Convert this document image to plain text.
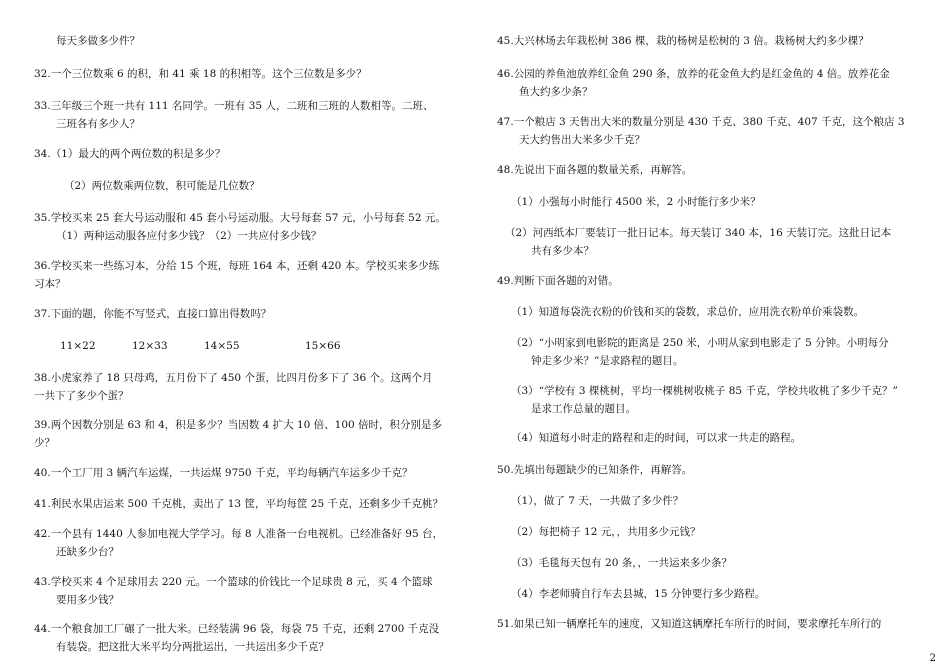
每天多做多少件？

32.一个三位数乘 6 的积，和 41 乘 18 的积相等。这个三位数是多少？

33.三年级三个班一共有 111 名同学。一班有 35 人，二班和三班的人数相等。二班、

三班各有多少人？

34.（1）最大的两个两位数的积是多少？

（2）两位数乘两位数，积可能是几位数？

35.学校买来 25 套大号运动服和 45 套小号运动服。大号每套 57 元，小号每套 52 元。

（1）两种运动服各应付多少钱？（2）一共应付多少钱？

36.学校买来一些练习本，分给 15 个班，每班 164 本，还剩 420 本。学校买来多少练

习本？

37.下面的题，你能不写竖式，直接口算出得数吗？

11×22	12×33	14×55	15×66

38.小虎家养了 18 只母鸡，五月份下了 450 个蛋，比四月份多下了 36 个。这两个月

一共下了多少个蛋？

39.两个因数分别是 63 和 4，积是多少？当因数 4 扩大 10 倍、100 倍时，积分别是多

少？

40.一个工厂用 3 辆汽车运煤，一共运煤 9750 千克，平均每辆汽车运多少千克？

41.利民水果店运来 500 千克桃，卖出了 13 筐，平均每筐 25 千克，还剩多少千克桃？

42.一个县有 1440 人参加电视大学学习。每 8 人准备一台电视机。已经准备好 95 台，

还缺多少台？

43.学校买来 4 个足球用去 220 元。一个篮球的价钱比一个足球贵 8 元，买 4 个篮球

要用多少钱？

44.一个粮食加工厂碾了一批大米。已经装满 96 袋，每袋 75 千克，还剩 2700 千克没

有装袋。把这批大米平均分两批运出，一共运出多少千克？

45.大兴林场去年栽松树 386 棵，栽的杨树是松树的 3 倍。栽杨树大约多少棵？

46.公园的养鱼池放养红金鱼 290 条，放养的花金鱼大约是红金鱼的 4 倍。放养花金

鱼大约多少条？

47.一个粮店 3 天售出大米的数量分别是 430 千克、380 千克、407 千克，这个粮店 3

天大约售出大米多少千克？

48.先说出下面各题的数量关系，再解答。

（1）小强每小时能行 4500 米，2 小时能行多少米？

（2）河西纸本厂要装订一批日记本。每天装订 340 本，16 天装订完。这批日记本

共有多少本？

49.判断下面各题的对错。

（1）知道每袋洗衣粉的价钱和买的袋数，求总价，应用洗衣粉单价乘袋数。

（2）“小明家到电影院的距离是 250 米，小明从家到电影走了 5 分钟。小明每分

钟走多少米？”是求路程的题目。

（3）“学校有 3 棵桃树，平均一棵桃树收桃子 85 千克，学校共收桃了多少千克？”

是求工作总量的题目。

（4）知道每小时走的路程和走的时间，可以求一共走的路程。

50.先填出每题缺少的已知条件，再解答。

（1），做了 7 天，一共做了多少件？

（2）每把椅子 12 元，，共用多少元钱？

（3）毛毯每天包有 20 条，，一共运来多少条？

（4）李老师骑自行车去县城，15 分钟要行多少路程。

51.如果已知一辆摩托车的速度，又知道这辆摩托车所行的时间，要求摩托车所行的

2
